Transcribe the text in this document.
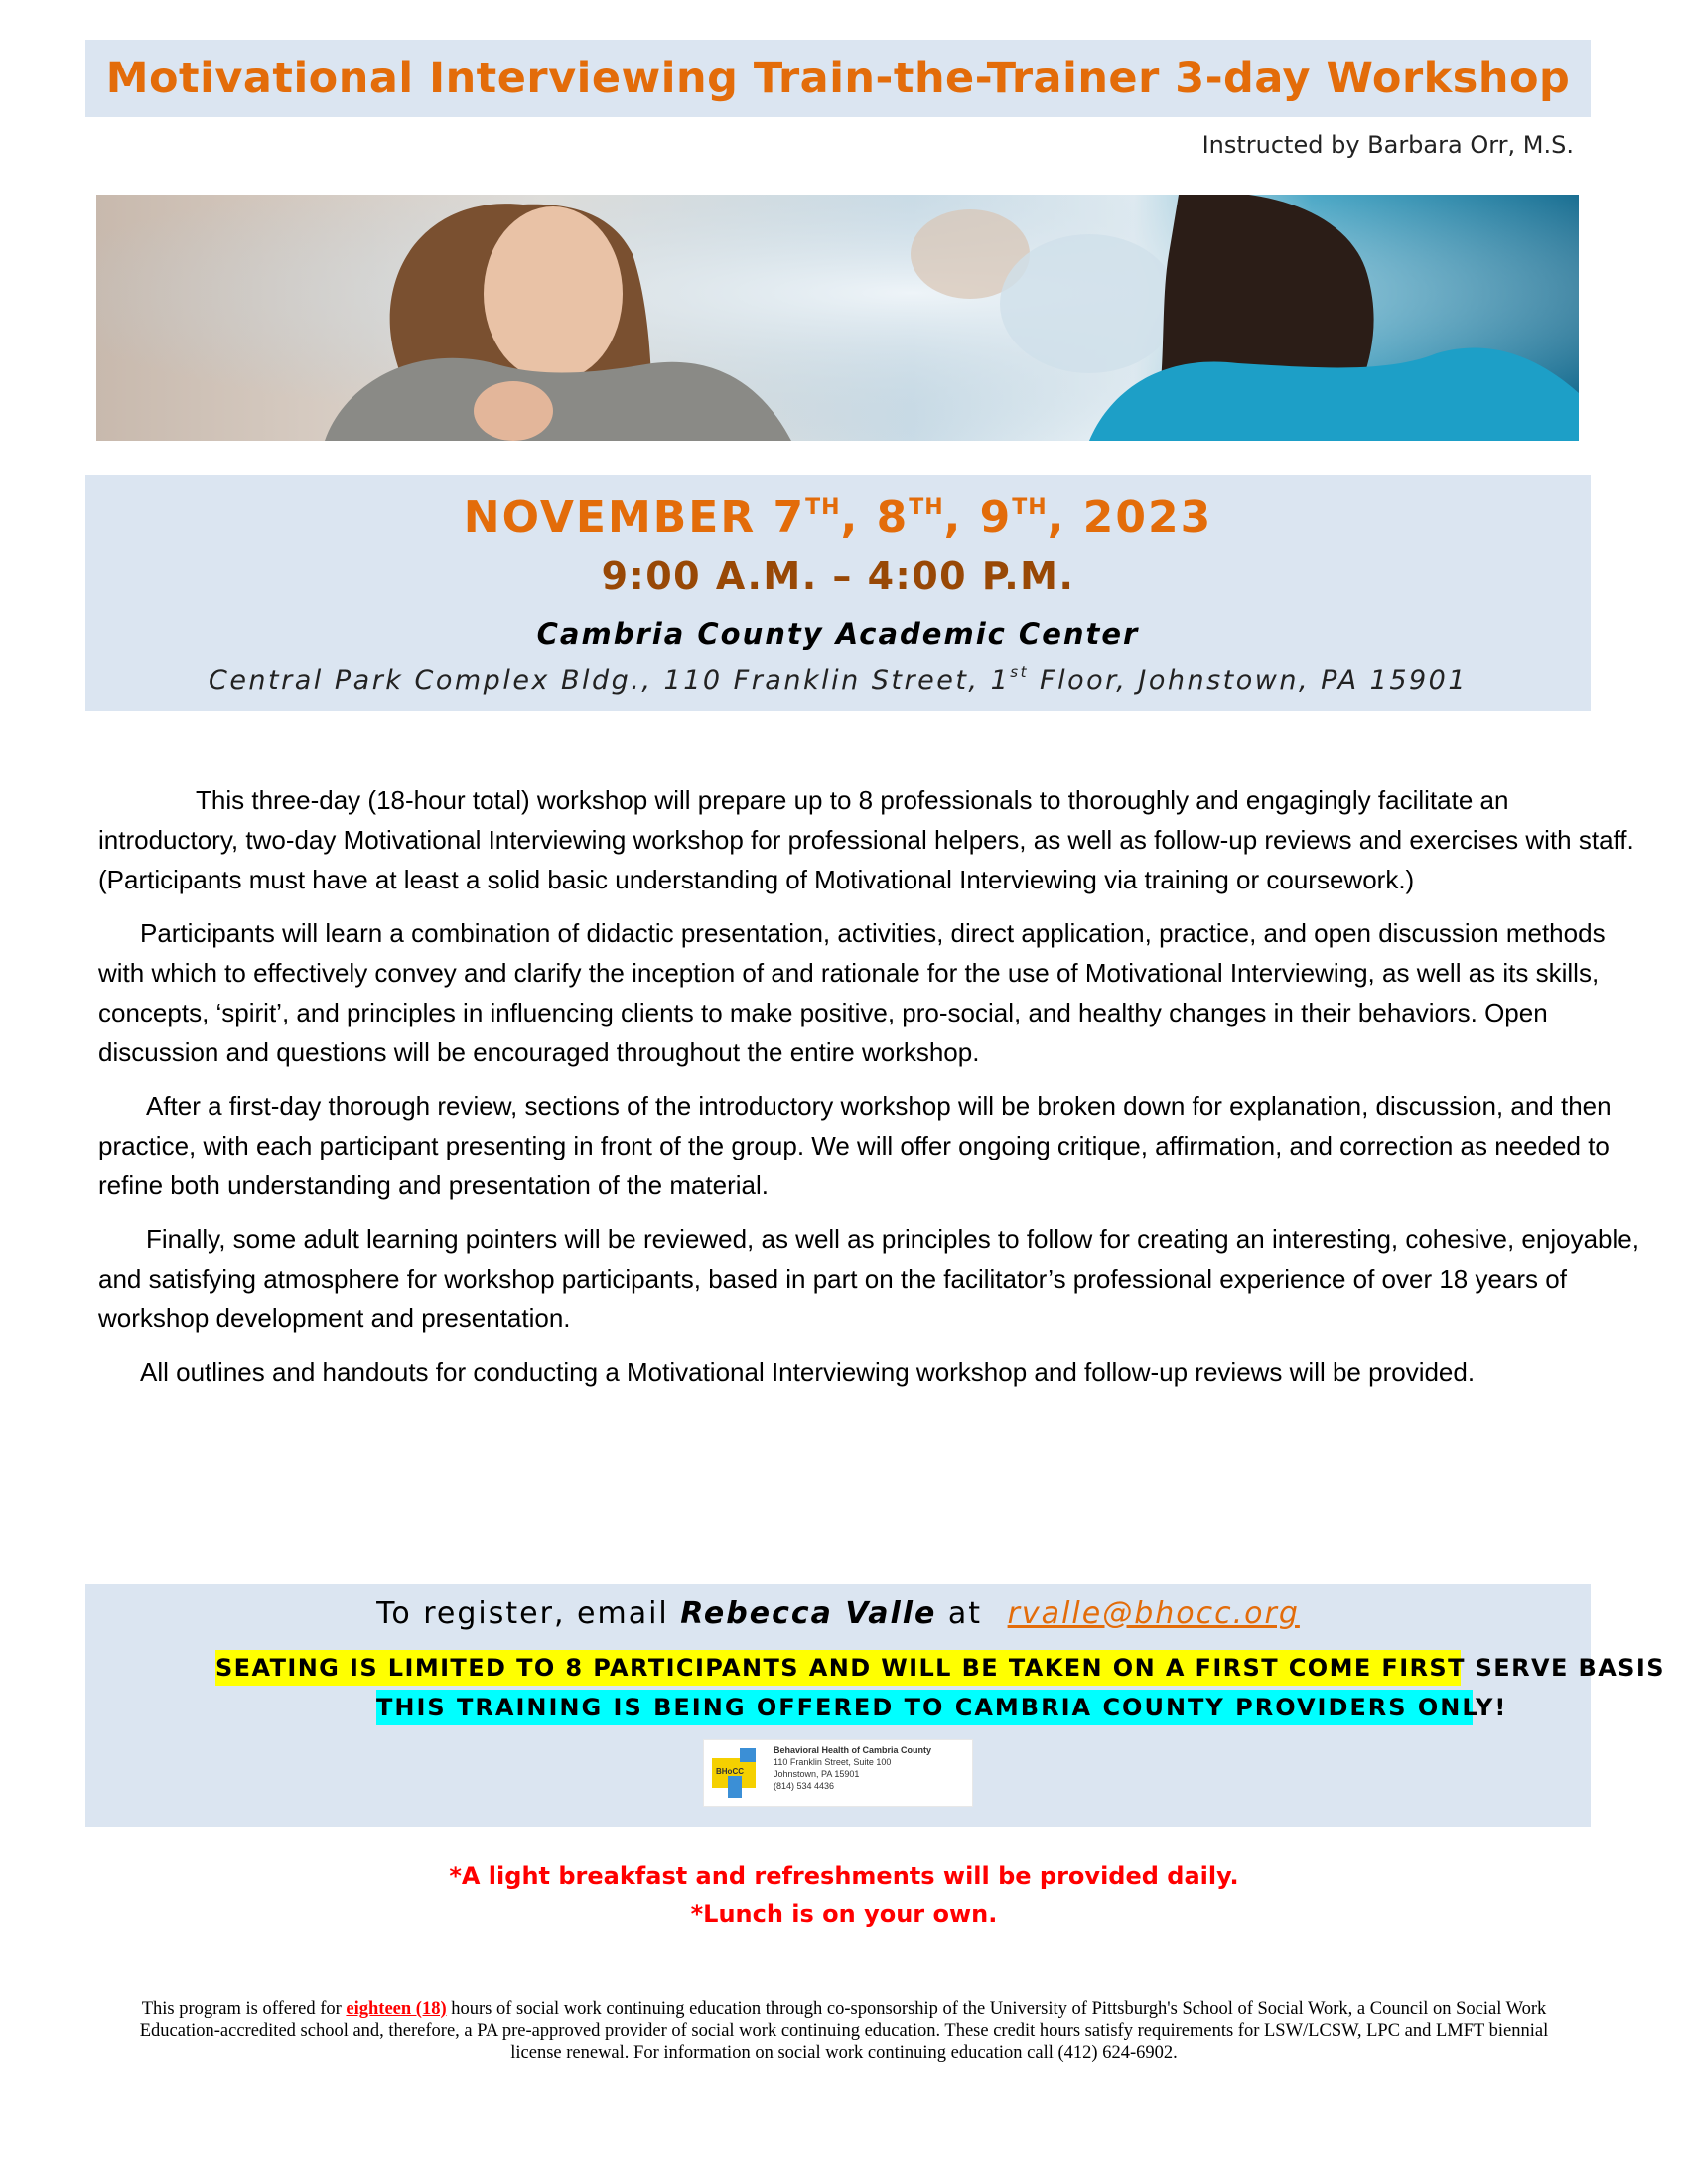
Motivational Interviewing Train-the-Trainer 3-day Workshop
Instructed by Barbara Orr, M.S.
NOVEMBER 7TH, 8TH, 9TH, 2023
9:00 A.M. – 4:00 P.M.
Cambria County Academic Center
Central Park Complex Bldg., 110 Franklin Street, 1st Floor, Johnstown, PA 15901

This three-day (18-hour total) workshop will prepare up to 8 professionals to thoroughly and engagingly facilitate an introductory, two-day Motivational Interviewing workshop for professional helpers, as well as follow-up reviews and exercises with staff. (Participants must have at least a solid basic understanding of Motivational Interviewing via training or coursework.)

Participants will learn a combination of didactic presentation, activities, direct application, practice, and open discussion methods with which to effectively convey and clarify the inception of and rationale for the use of Motivational Interviewing, as well as its skills, concepts, ‘spirit’, and principles in influencing clients to make positive, pro-social, and healthy changes in their behaviors. Open discussion and questions will be encouraged throughout the entire workshop.

After a first-day thorough review, sections of the introductory workshop will be broken down for explanation, discussion, and then practice, with each participant presenting in front of the group. We will offer ongoing critique, affirmation, and correction as needed to refine both understanding and presentation of the material.

Finally, some adult learning pointers will be reviewed, as well as principles to follow for creating an interesting, cohesive, enjoyable, and satisfying atmosphere for workshop participants, based in part on the facilitator’s professional experience of over 18 years of workshop development and presentation.

All outlines and handouts for conducting a Motivational Interviewing workshop and follow-up reviews will be provided.

To register, email Rebecca Valle at rvalle@bhocc.org
SEATING IS LIMITED TO 8 PARTICIPANTS AND WILL BE TAKEN ON A FIRST COME FIRST SERVE BASIS
THIS TRAINING IS BEING OFFERED TO CAMBRIA COUNTY PROVIDERS ONLY!
BHoCC
Behavioral Health of Cambria County
110 Franklin Street, Suite 100
Johnstown, PA 15901
(814) 534 4436
*A light breakfast and refreshments will be provided daily.
*Lunch is on your own.
This program is offered for eighteen (18) hours of social work continuing education through co-sponsorship of the University of Pittsburgh's School of Social Work, a Council on Social Work Education-accredited school and, therefore, a PA pre-approved provider of social work continuing education. These credit hours satisfy requirements for LSW/LCSW, LPC and LMFT biennial license renewal. For information on social work continuing education call (412) 624-6902.
